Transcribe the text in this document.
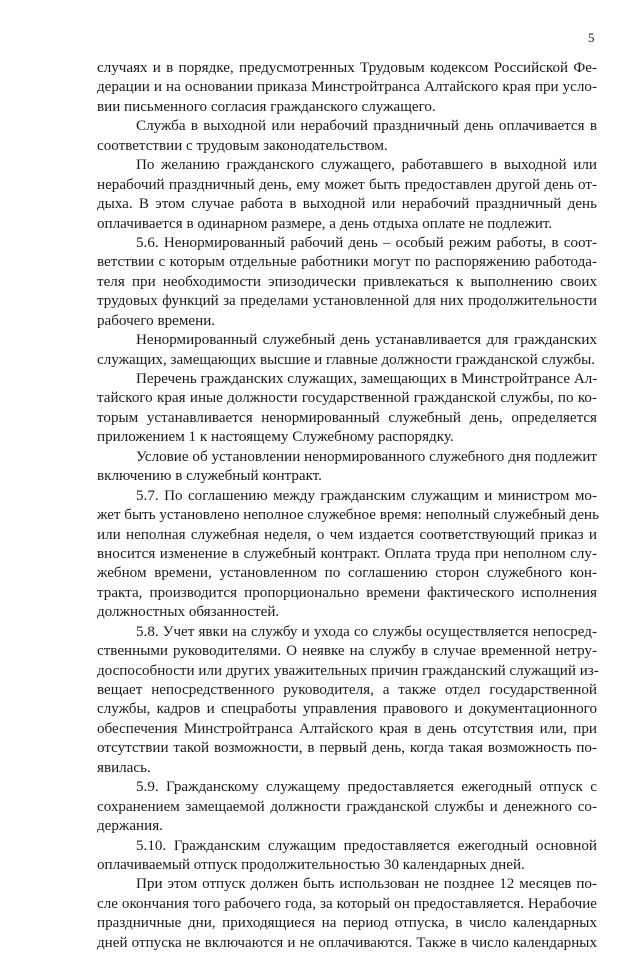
5
случаях и в порядке, предусмотренных Трудовым кодексом Российской Фе-
дерации и на основании приказа Минстройтранса Алтайского края при усло-
вии письменного согласия гражданского служащего.
Служба в выходной или нерабочий праздничный день оплачивается в
соответствии с трудовым законодательством.
По желанию гражданского служащего, работавшего в выходной или
нерабочий праздничный день, ему может быть предоставлен другой день от-
дыха. В этом случае работа в выходной или нерабочий праздничный день
оплачивается в одинарном размере, а день отдыха оплате не подлежит.
5.6. Ненормированный рабочий день – особый режим работы, в соот-
ветствии с которым отдельные работники могут по распоряжению работода-
теля при необходимости эпизодически привлекаться к выполнению своих
трудовых функций за пределами установленной для них продолжительности
рабочего времени.
Ненормированный служебный день устанавливается для гражданских
служащих, замещающих высшие и главные должности гражданской службы.
Перечень гражданских служащих, замещающих в Минстройтрансе Ал-
тайского края иные должности государственной гражданской службы, по ко-
торым устанавливается ненормированный служебный день, определяется
приложением 1 к настоящему Служебному распорядку.
Условие об установлении ненормированного служебного дня подлежит
включению в служебный контракт.
5.7. По соглашению между гражданским служащим и министром мо-
жет быть установлено неполное служебное время: неполный служебный день
или неполная служебная неделя, о чем издается соответствующий приказ и
вносится изменение в служебный контракт. Оплата труда при неполном слу-
жебном времени, установленном по соглашению сторон служебного кон-
тракта, производится пропорционально времени фактического исполнения
должностных обязанностей.
5.8. Учет явки на службу и ухода со службы осуществляется непосред-
ственными руководителями. О неявке на службу в случае временной нетру-
доспособности или других уважительных причин гражданский служащий из-
вещает непосредственного руководителя, а также отдел государственной
службы, кадров и спецработы управления правового и документационного
обеспечения Минстройтранса Алтайского края в день отсутствия или, при
отсутствии такой возможности, в первый день, когда такая возможность по-
явилась.
5.9. Гражданскому служащему предоставляется ежегодный отпуск с
сохранением замещаемой должности гражданской службы и денежного со-
держания.
5.10. Гражданским служащим предоставляется ежегодный основной
оплачиваемый отпуск продолжительностью 30 календарных дней.
При этом отпуск должен быть использован не позднее 12 месяцев по-
сле окончания того рабочего года, за который он предоставляется. Нерабочие
праздничные дни, приходящиеся на период отпуска, в число календарных
дней отпуска не включаются и не оплачиваются. Также в число календарных
